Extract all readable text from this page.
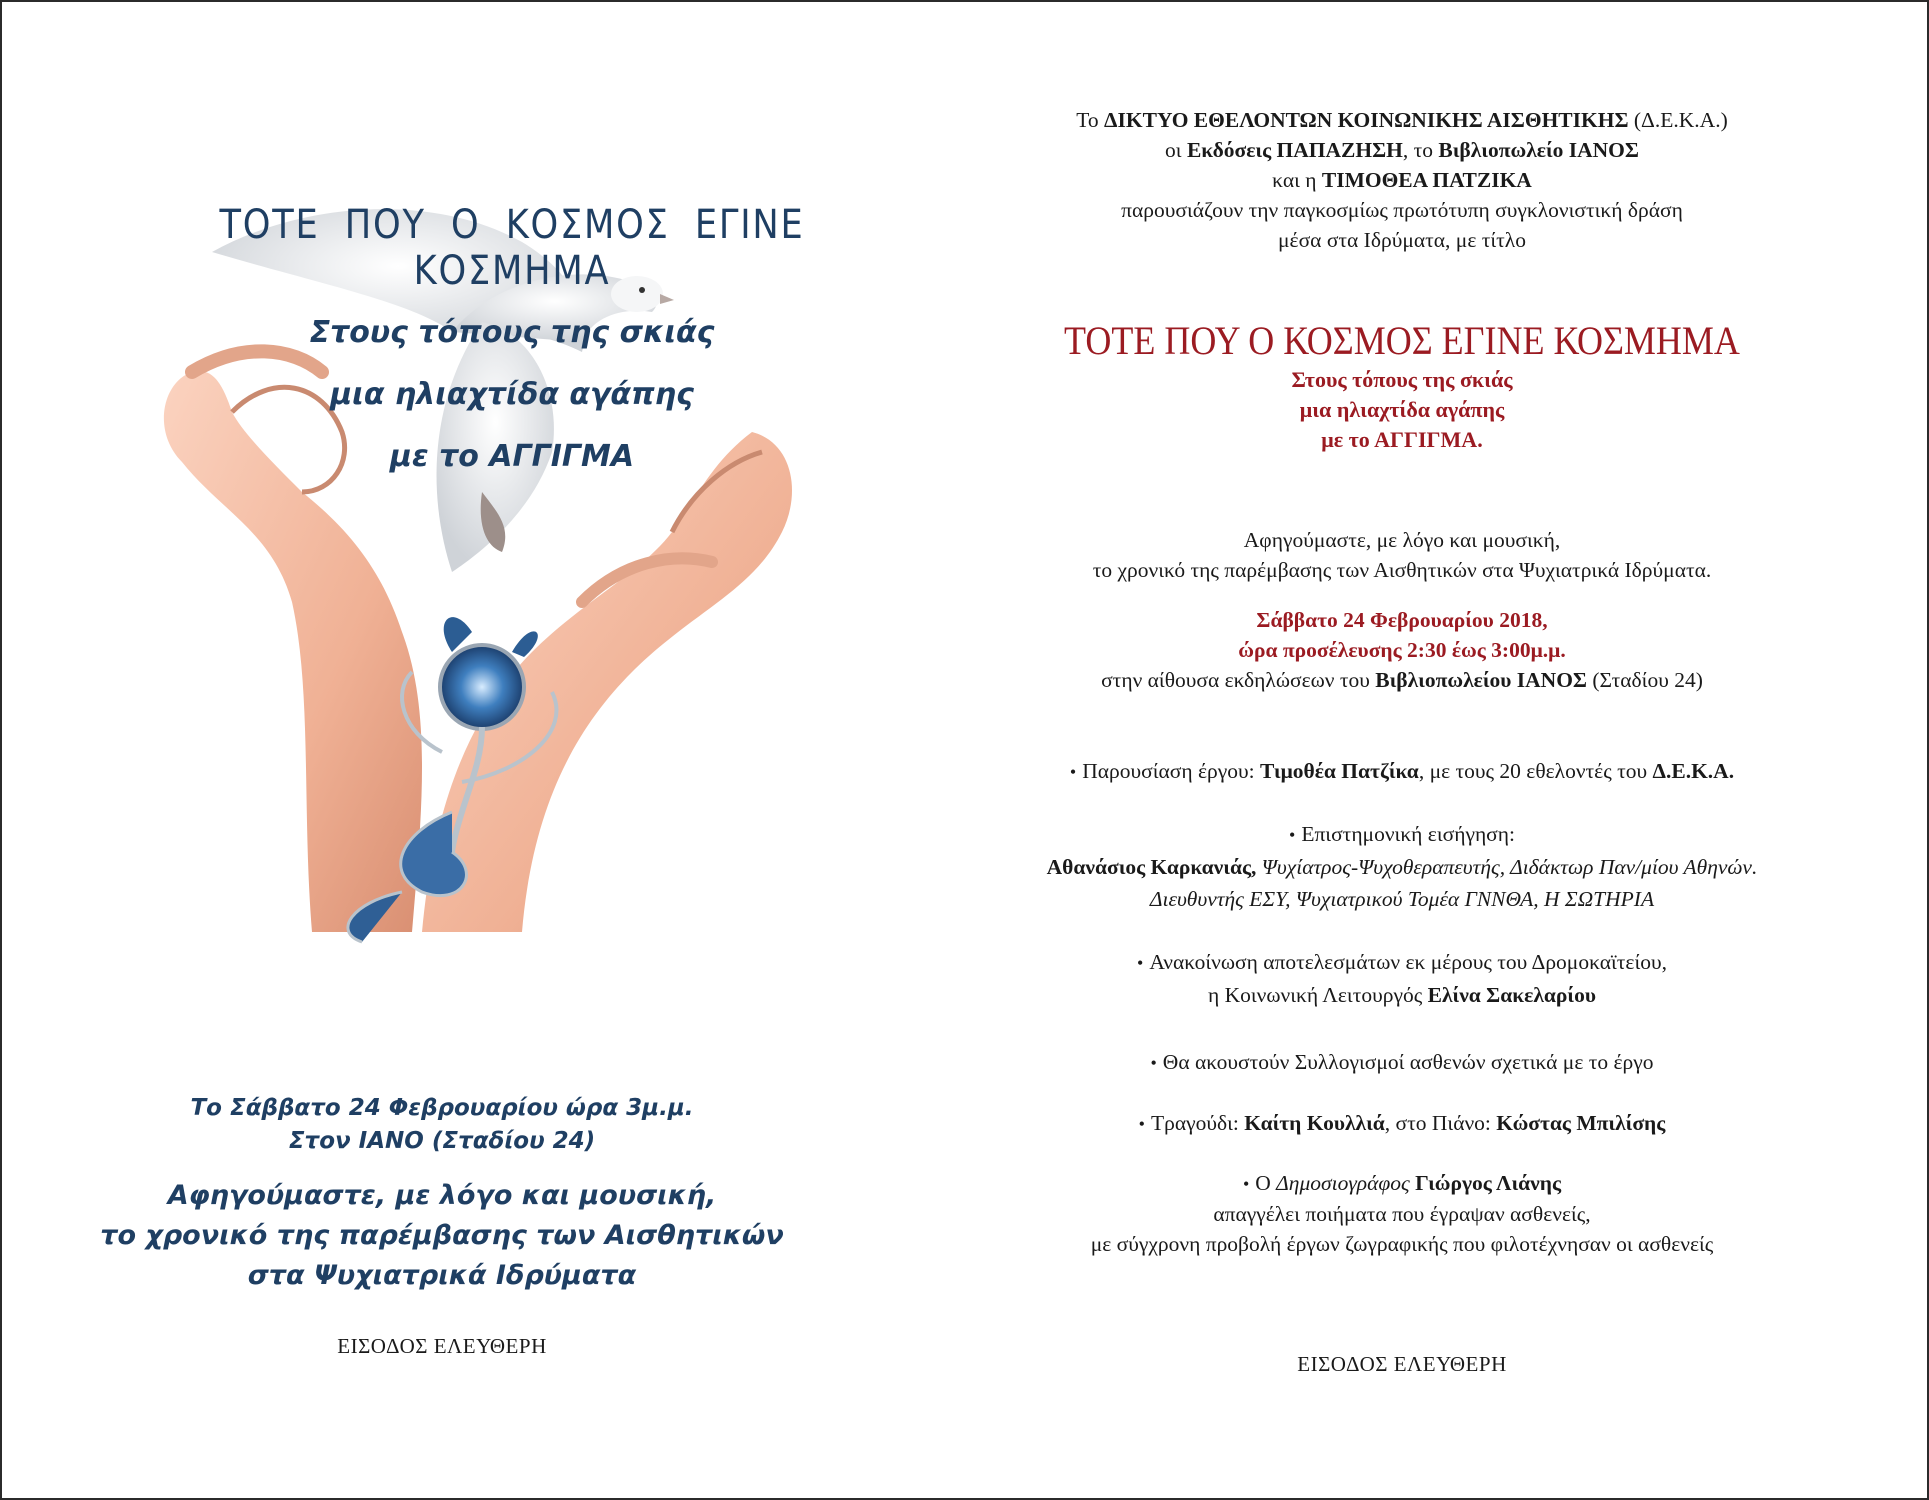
ΤΟΤΕ ΠΟΥ Ο ΚΟΣΜΟΣ ΕΓΙΝΕ ΚΟΣΜΗΜΑ

Στους τόπους της σκιάς

μια ηλιαχτίδα αγάπης

με το ΑΓΓΙΓΜΑ

Το Σάββατο 24 Φεβρουαρίου ώρα 3μ.μ.

Στον ΙΑΝΟ (Σταδίου 24)

Αφηγούμαστε, με λόγο και μουσική,
το χρονικό της παρέμβασης των Αισθητικών
στα Ψυχιατρικά Ιδρύματα

ΕΙΣΟΔΟΣ ΕΛΕΥΘΕΡΗ

Το ΔΙΚΤΥΟ ΕΘΕΛΟΝΤΩΝ ΚΟΙΝΩΝΙΚΗΣ ΑΙΣΘΗΤΙΚΗΣ (Δ.Ε.Κ.Α.)

οι Εκδόσεις ΠΑΠΑΖΗΣΗ, το Βιβλιοπωλείο ΙΑΝΟΣ

και η ΤΙΜΟΘΕΑ ΠΑΤΖΙΚΑ

παρουσιάζουν την παγκοσμίως πρωτότυπη συγκλονιστική δράση

μέσα στα Ιδρύματα, με τίτλο

ΤΟΤΕ ΠΟΥ Ο ΚΟΣΜΟΣ ΕΓΙΝΕ ΚΟΣΜΗΜΑ

Στους τόπους της σκιάς

μια ηλιαχτίδα αγάπης

με το ΑΓΓΙΓΜΑ.

Αφηγούμαστε, με λόγο και μουσική,

το χρονικό της παρέμβασης των Αισθητικών στα Ψυχιατρικά Ιδρύματα.

Σάββατο 24 Φεβρουαρίου 2018,

ώρα προσέλευσης 2:30 έως 3:00μ.μ.

στην αίθουσα εκδηλώσεων του Βιβλιοπωλείου ΙΑΝΟΣ (Σταδίου 24)

• Παρουσίαση έργου: Τιμοθέα Πατζίκα, με τους 20 εθελοντές του Δ.Ε.Κ.Α.

• Επιστημονική εισήγηση:

Αθανάσιος Καρκανιάς, Ψυχίατρος-Ψυχοθεραπευτής, Διδάκτωρ Παν/μίου Αθηνών.

Διευθυντής ΕΣΥ, Ψυχιατρικού Τομέα ΓΝΝΘΑ, Η ΣΩΤΗΡΙΑ

• Ανακοίνωση αποτελεσμάτων εκ μέρους του Δρομοκαϊτείου,

η Κοινωνική Λειτουργός Ελίνα Σακελαρίου

• Θα ακουστούν Συλλογισμοί ασθενών σχετικά με το έργο

• Τραγούδι: Καίτη Κουλλιά, στο Πιάνο: Κώστας Μπιλίσης

• Ο Δημοσιογράφος Γιώργος Λιάνης

απαγγέλει ποιήματα που έγραψαν ασθενείς,

με σύγχρονη προβολή έργων ζωγραφικής που φιλοτέχνησαν οι ασθενείς

ΕΙΣΟΔΟΣ ΕΛΕΥΘΕΡΗ
